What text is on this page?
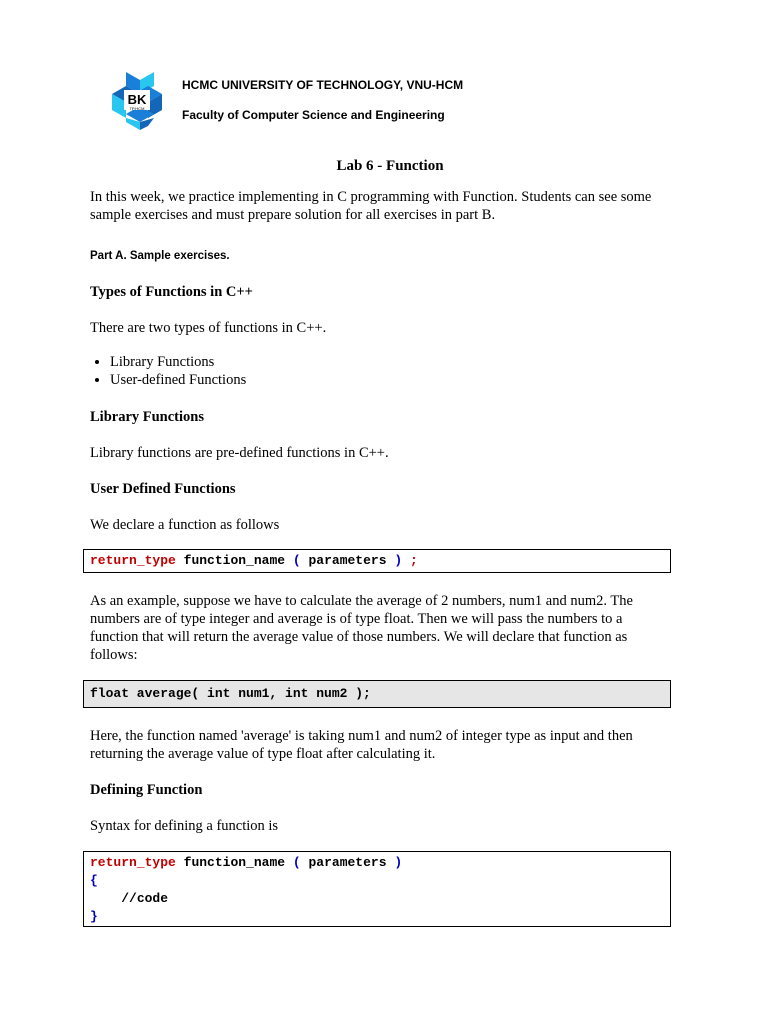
BK
TP.HCM
HCMC UNIVERSITY OF TECHNOLOGY, VNU-HCM
Faculty of Computer Science and Engineering
Lab 6 - Function
In this week, we practice implementing in C programming with Function. Students can see some sample exercises and must prepare solution for all exercises in part B.
Part A. Sample exercises.
Types of Functions in C++
There are two types of functions in C++.
• Library Functions
• User-defined Functions
Library Functions
Library functions are pre-defined functions in C++.
User Defined Functions
We declare a function as follows
return_type function_name ( parameters ) ;
As an example, suppose we have to calculate the average of 2 numbers, num1 and num2. The numbers are of type integer and average is of type float. Then we will pass the numbers to a function that will return the average value of those numbers. We will declare that function as follows:
float average( int num1, int num2 );
Here, the function named 'average' is taking num1 and num2 of integer type as input and then returning the average value of type float after calculating it.
Defining Function
Syntax for defining a function is
return_type function_name ( parameters )
{
//code
}
